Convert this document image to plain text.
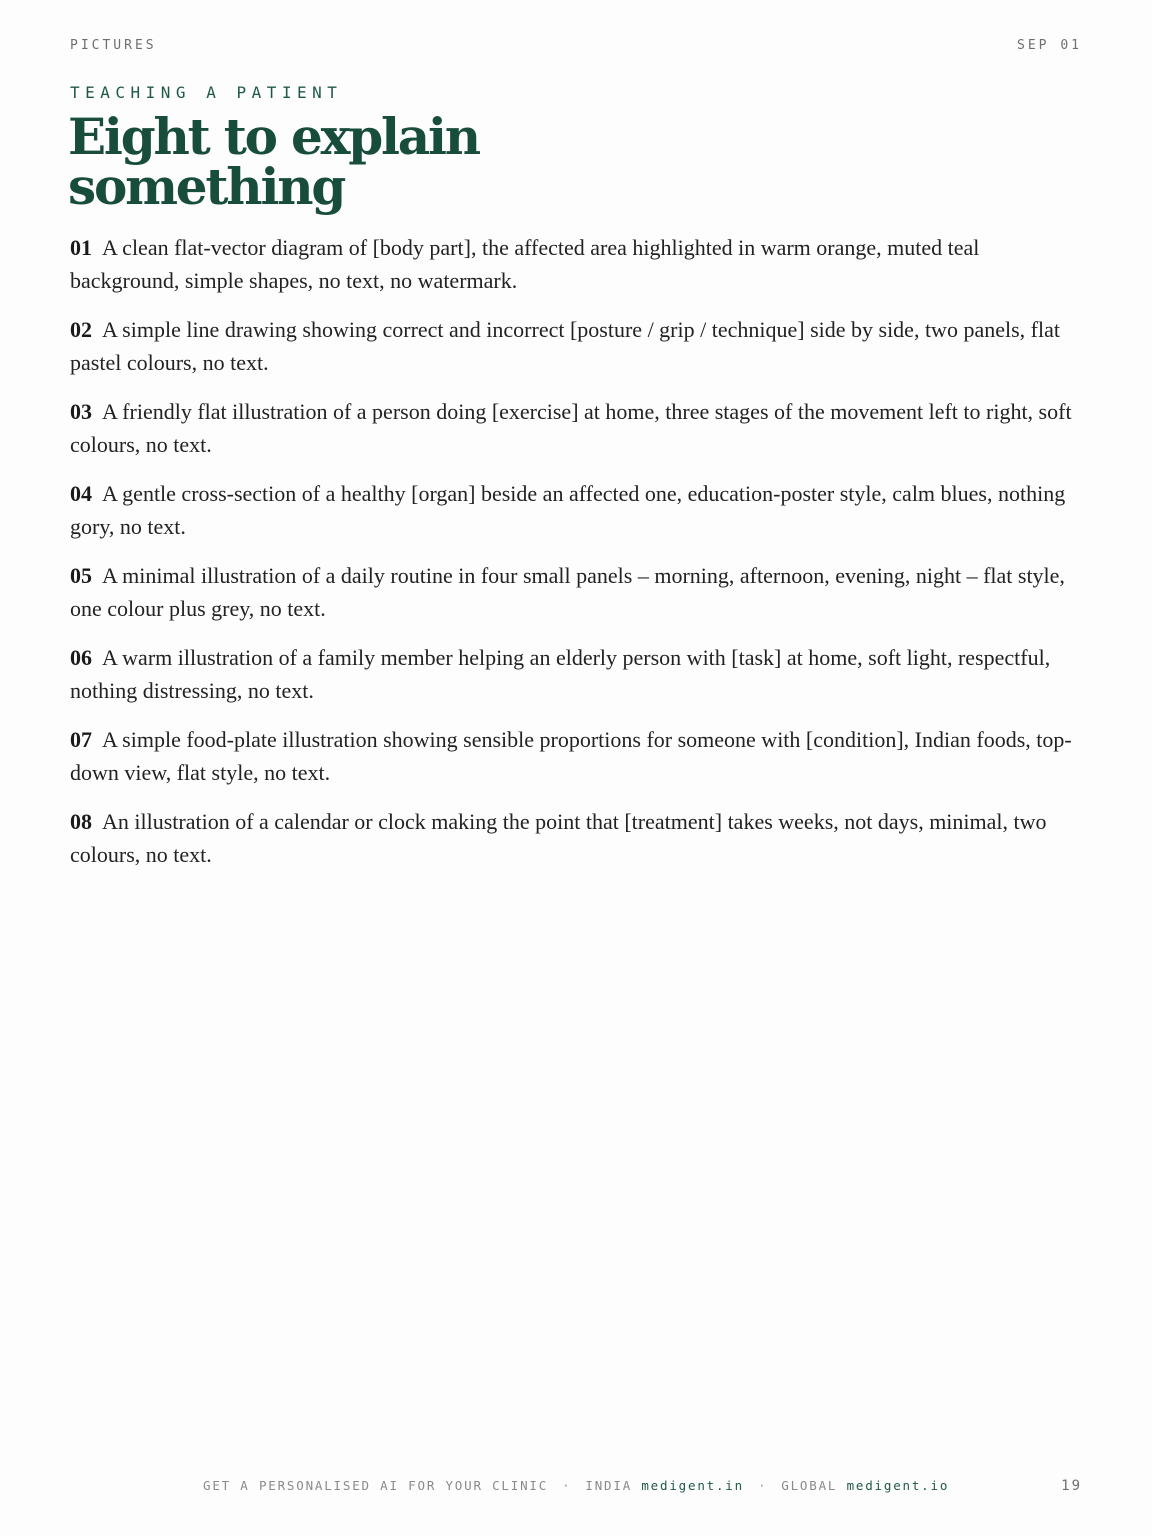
PICTURES	SEP 01
TEACHING A PATIENT
Eight to explain something
01 A clean flat-vector diagram of [body part], the affected area highlighted in warm orange, muted teal background, simple shapes, no text, no watermark.
02 A simple line drawing showing correct and incorrect [posture / grip / technique] side by side, two panels, flat pastel colours, no text.
03 A friendly flat illustration of a person doing [exercise] at home, three stages of the movement left to right, soft colours, no text.
04 A gentle cross-section of a healthy [organ] beside an affected one, education-poster style, calm blues, nothing gory, no text.
05 A minimal illustration of a daily routine in four small panels – morning, afternoon, evening, night – flat style, one colour plus grey, no text.
06 A warm illustration of a family member helping an elderly person with [task] at home, soft light, respectful, nothing distressing, no text.
07 A simple food-plate illustration showing sensible proportions for someone with [condition], Indian foods, top-down view, flat style, no text.
08 An illustration of a calendar or clock making the point that [treatment] takes weeks, not days, minimal, two colours, no text.
GET A PERSONALISED AI FOR YOUR CLINIC · INDIA medigent.in · GLOBAL medigent.io	19
